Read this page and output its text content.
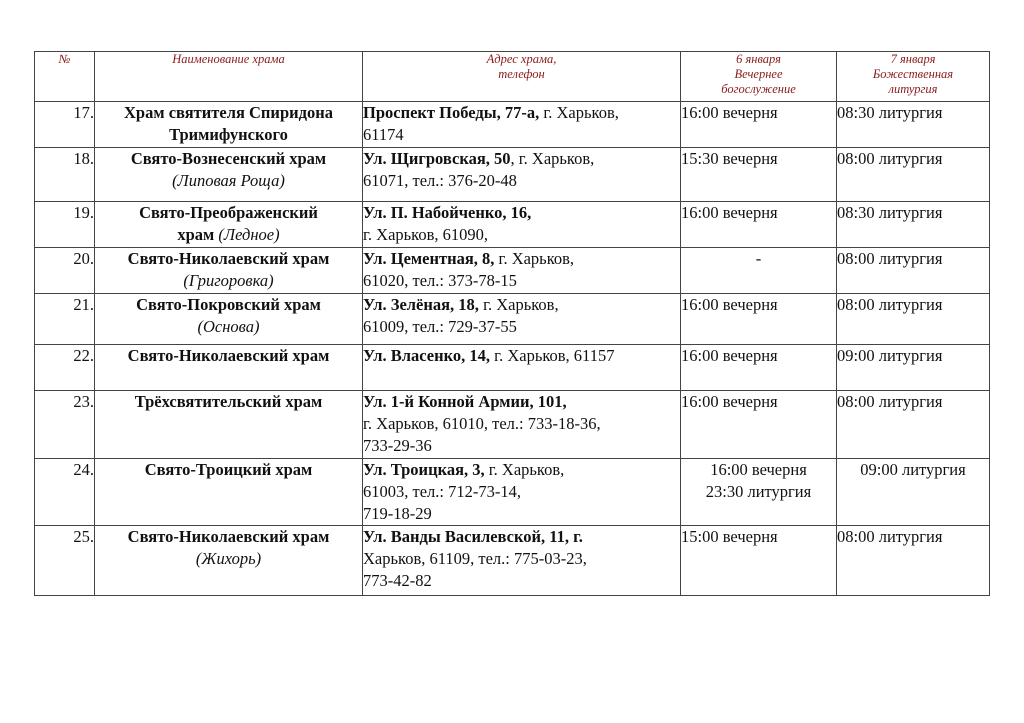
№	Наименование храма	Адрес храма,
телефон	6 января
Вечернее
богослужение	7 января
Божественная
литургия

17.	Храм святителя Спиридона
Тримифунского	Проспект Победы, 77-а, г. Харьков,
61174	16:00 вечерня	08:30 литургия
18.	Свято-Вознесенский храм
(Липовая Роща)	Ул. Щигровская, 50, г. Харьков,
61071, тел.: 376-20-48	15:30 вечерня	08:00 литургия
19.	Свято-Преображенский
храм (Ледное)	Ул. П. Набойченко, 16,
г. Харьков, 61090,	16:00 вечерня	08:30 литургия
20.	Свято-Николаевский храм
(Григоровка)	Ул. Цементная, 8, г. Харьков,
61020, тел.: 373-78-15	-	08:00 литургия
21.	Свято-Покровский храм
(Основа)	Ул. Зелёная, 18, г. Харьков,
61009, тел.: 729-37-55	16:00 вечерня	08:00 литургия
22.	Свято-Николаевский храм	Ул. Власенко, 14, г. Харьков, 61157	16:00 вечерня	09:00 литургия
23.	Трёхсвятительский храм	Ул. 1-й Конной Армии, 101,
г. Харьков, 61010, тел.: 733-18-36,
733-29-36	16:00 вечерня	08:00 литургия
24.	Свято-Троицкий храм	Ул. Троицкая, 3, г. Харьков,
61003, тел.: 712-73-14,
719-18-29	16:00 вечерня
23:30 литургия	09:00 литургия
25.	Свято-Николаевский храм
(Жихорь)	Ул. Ванды Василевской, 11, г.
Харьков, 61109, тел.: 775-03-23,
773-42-82	15:00 вечерня	08:00 литургия
